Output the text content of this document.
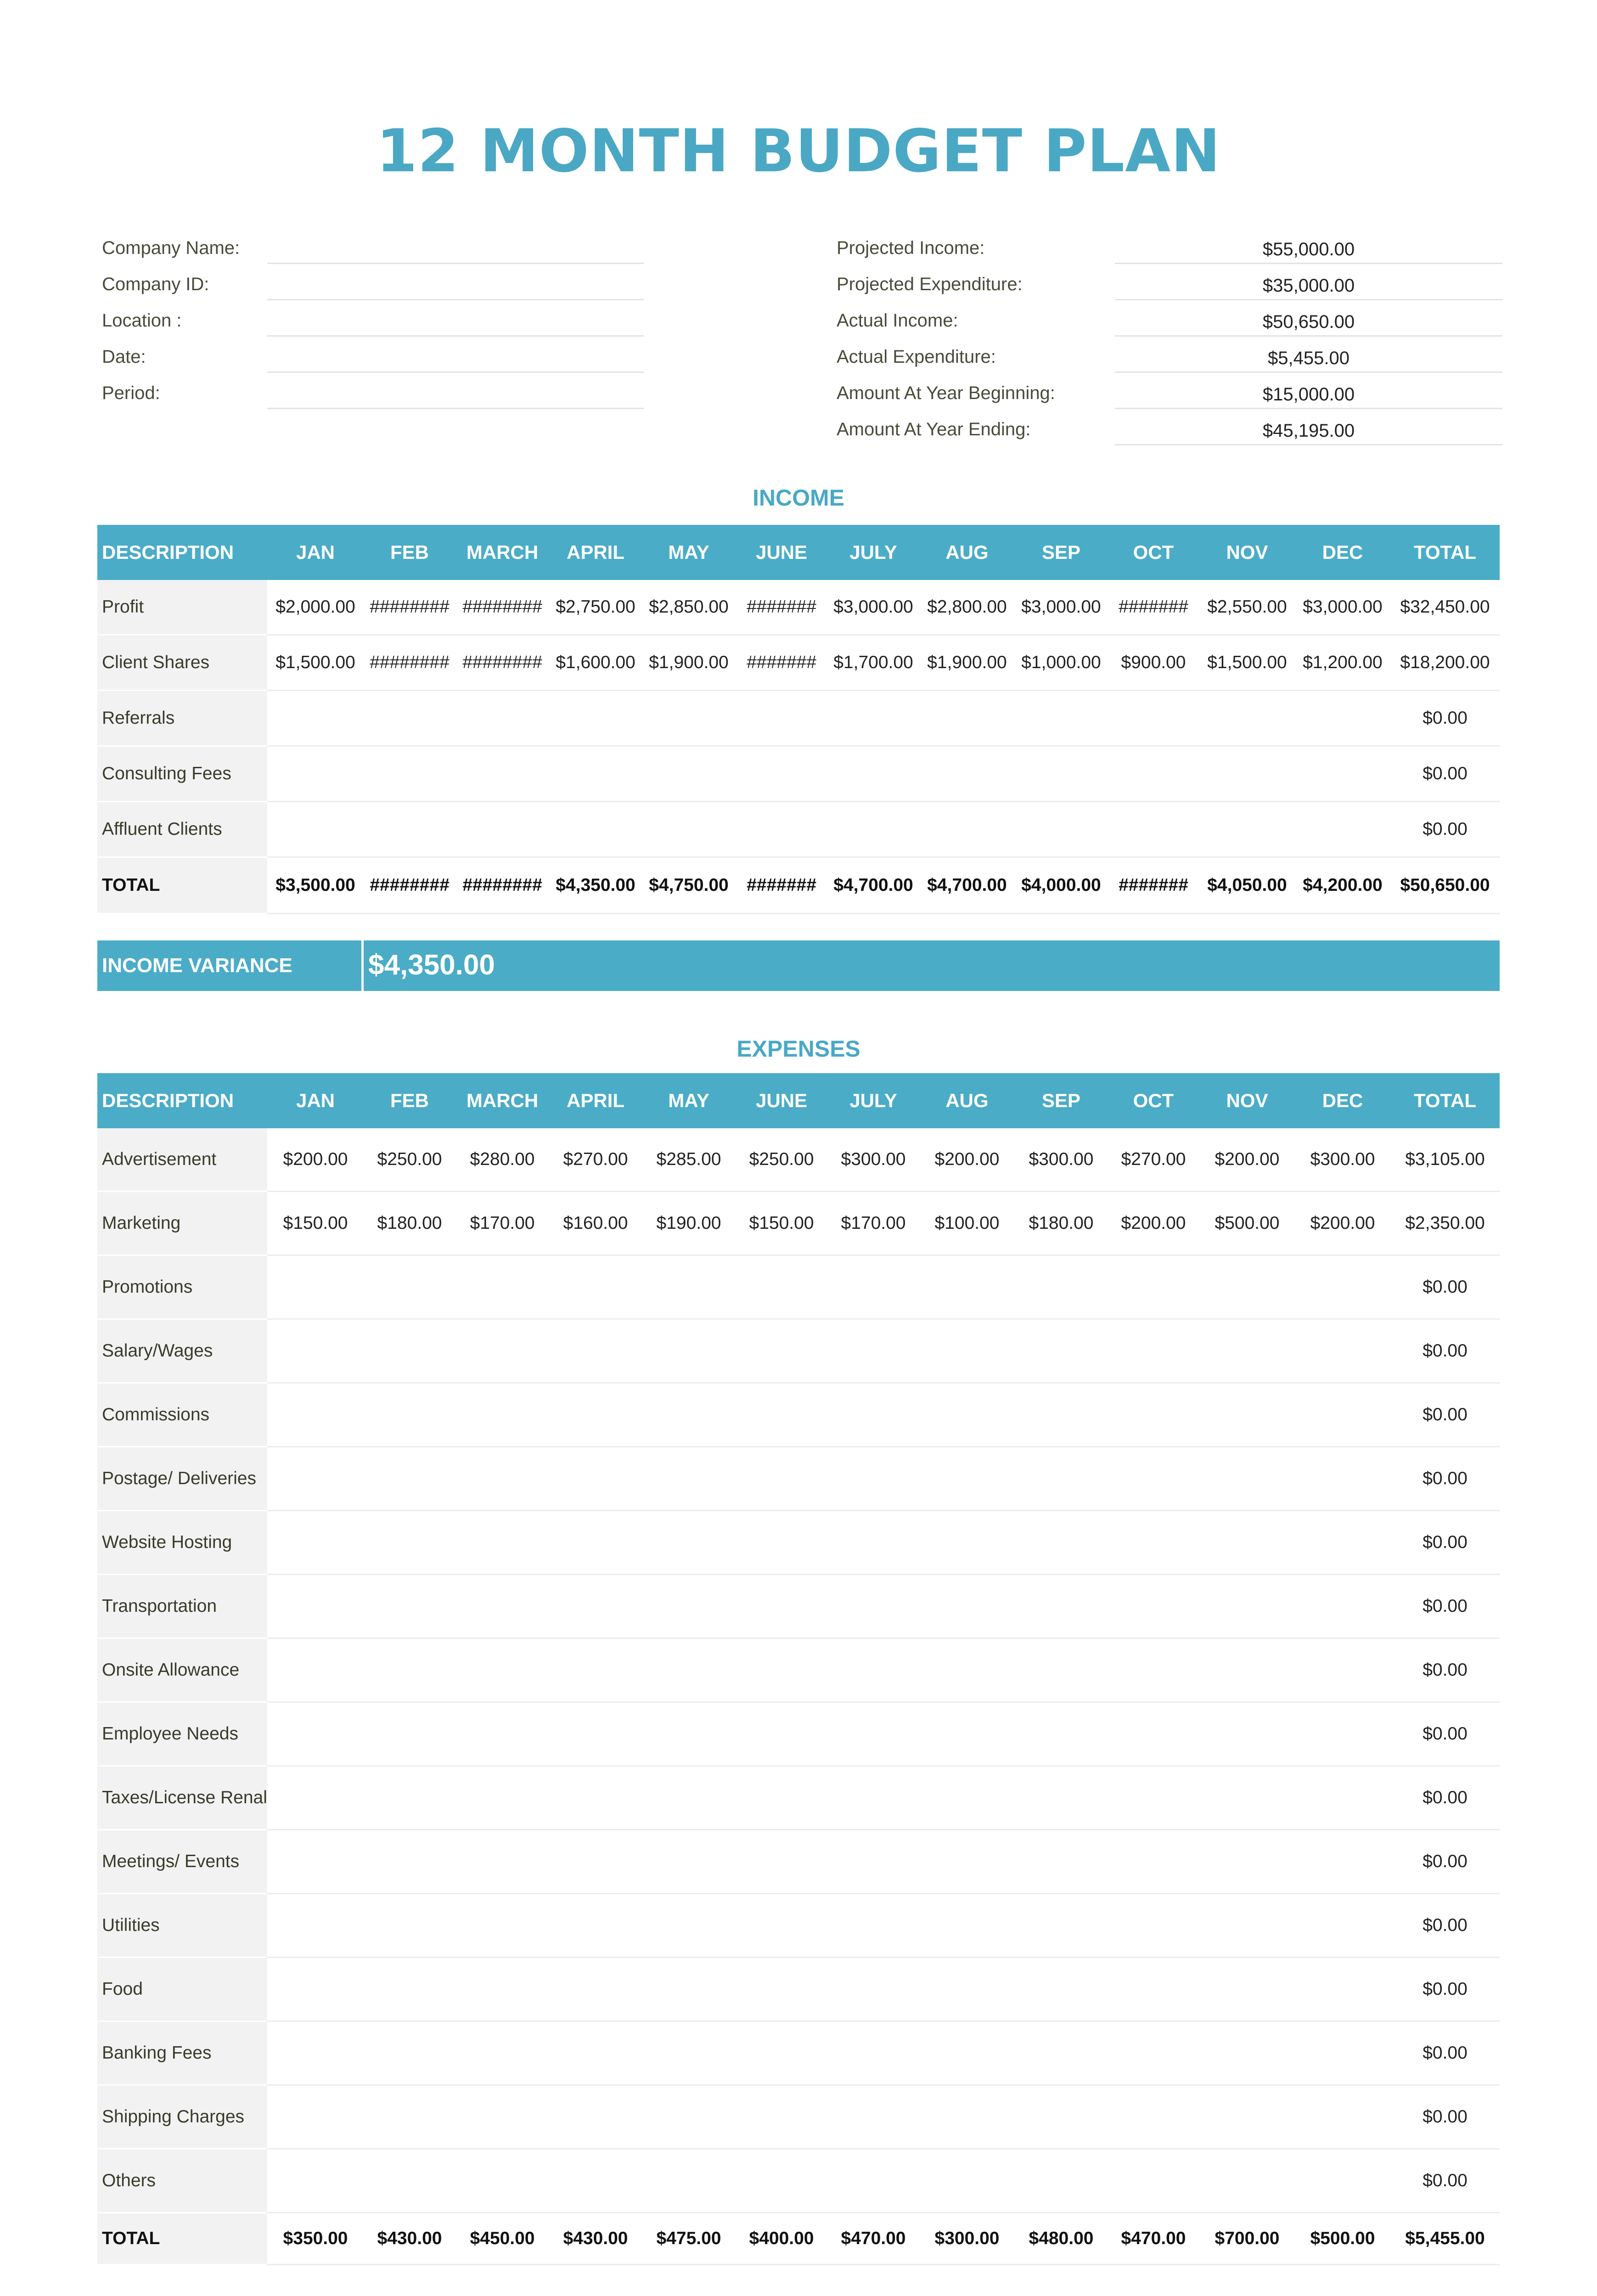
12 MONTH BUDGET PLAN
Company Name:
Company ID:
Location :
Date:
Period:
Projected Income:	$55,000.00
Projected Expenditure:	$35,000.00
Actual Income:	$50,650.00
Actual Expenditure:	$5,455.00
Amount At Year Beginning:	$15,000.00
Amount At Year Ending:	$45,195.00
INCOME
DESCRIPTION	JAN	FEB	MARCH	APRIL	MAY	JUNE	JULY	AUG	SEP	OCT	NOV	DEC	TOTAL
Profit	$2,000.00	########	########	$2,750.00	$2,850.00	#######	$3,000.00	$2,800.00	$3,000.00	#######	$2,550.00	$3,000.00	$32,450.00
Client Shares	$1,500.00	########	########	$1,600.00	$1,900.00	#######	$1,700.00	$1,900.00	$1,000.00	$900.00	$1,500.00	$1,200.00	$18,200.00
Referrals													$0.00
Consulting Fees													$0.00
Affluent Clients													$0.00
TOTAL	$3,500.00	########	########	$4,350.00	$4,750.00	#######	$4,700.00	$4,700.00	$4,000.00	#######	$4,050.00	$4,200.00	$50,650.00
INCOME VARIANCE	$4,350.00
EXPENSES
DESCRIPTION	JAN	FEB	MARCH	APRIL	MAY	JUNE	JULY	AUG	SEP	OCT	NOV	DEC	TOTAL
Advertisement	$200.00	$250.00	$280.00	$270.00	$285.00	$250.00	$300.00	$200.00	$300.00	$270.00	$200.00	$300.00	$3,105.00
Marketing	$150.00	$180.00	$170.00	$160.00	$190.00	$150.00	$170.00	$100.00	$180.00	$200.00	$500.00	$200.00	$2,350.00
Promotions													$0.00
Salary/Wages													$0.00
Commissions													$0.00
Postage/ Deliveries													$0.00
Website Hosting													$0.00
Transportation													$0.00
Onsite Allowance													$0.00
Employee Needs													$0.00
Taxes/License Renal													$0.00
Meetings/ Events													$0.00
Utilities													$0.00
Food													$0.00
Banking Fees													$0.00
Shipping Charges													$0.00
Others													$0.00
TOTAL	$350.00	$430.00	$450.00	$430.00	$475.00	$400.00	$470.00	$300.00	$480.00	$470.00	$700.00	$500.00	$5,455.00
